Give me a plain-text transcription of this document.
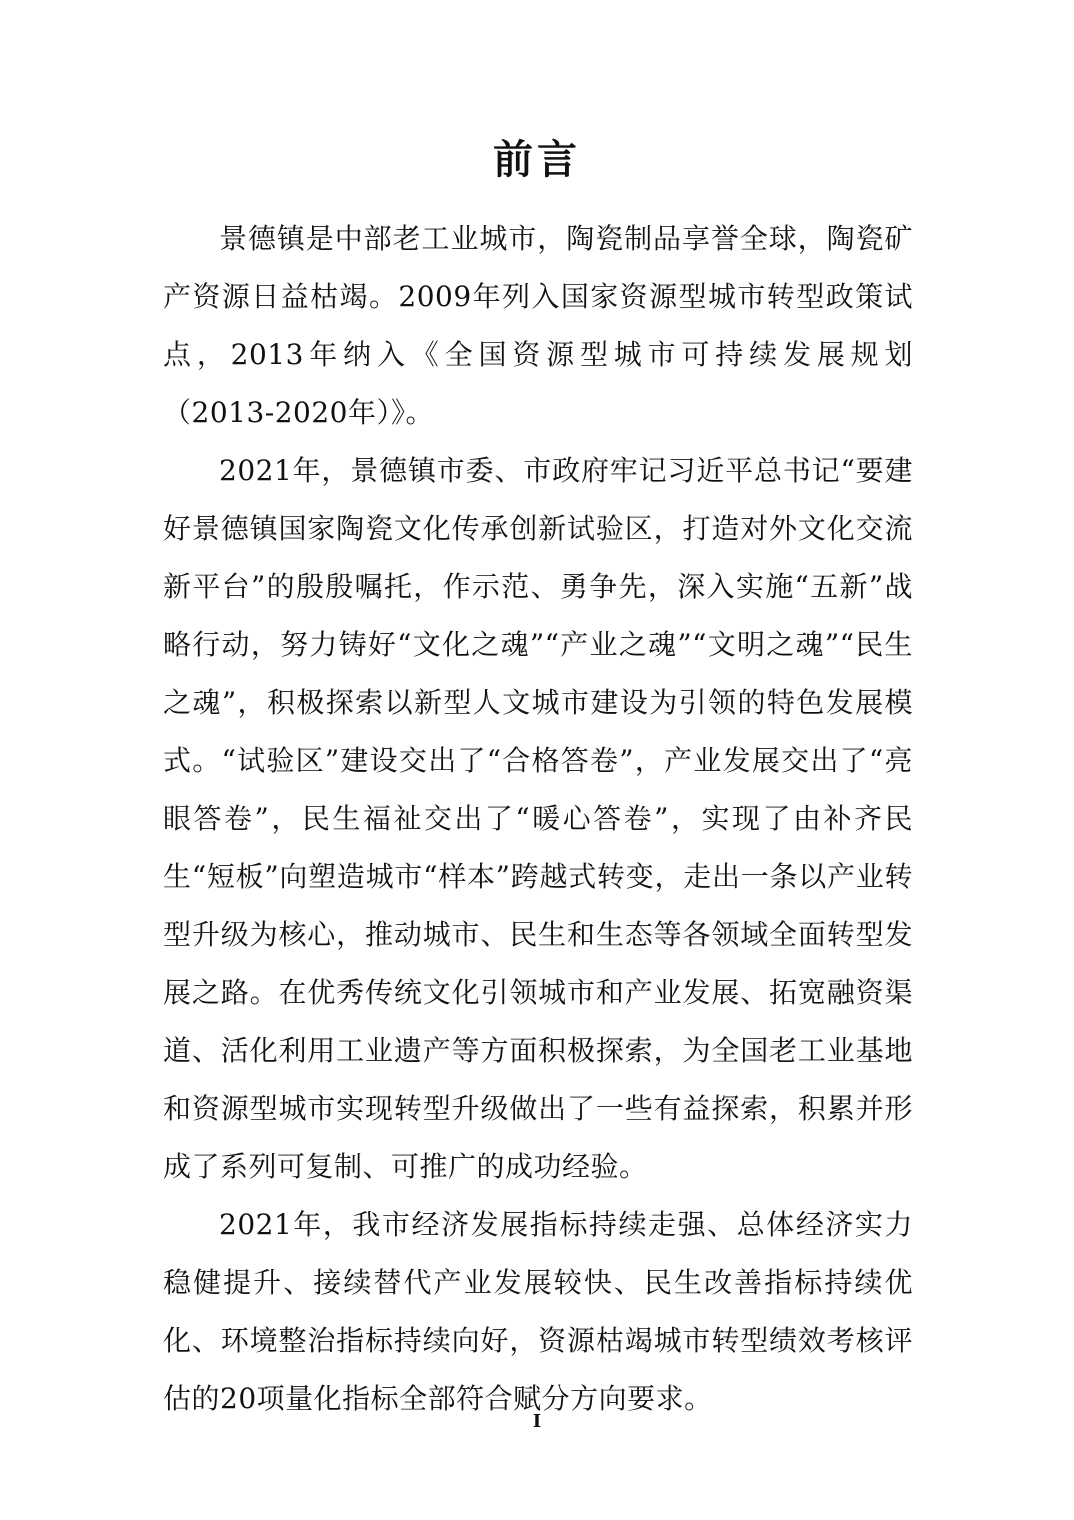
前言

景德镇是中部老工业城市，陶瓷制品享誉全球，陶瓷矿产资源日益枯竭。2009年列入国家资源型城市转型政策试点，2013年纳入《全国资源型城市可持续发展规划（2013-2020年）》。

2021年，景德镇市委、市政府牢记习近平总书记“要建好景德镇国家陶瓷文化传承创新试验区，打造对外文化交流新平台”的殷殷嘱托，作示范、勇争先，深入实施“五新”战略行动，努力铸好“文化之魂”“产业之魂”“文明之魂”“民生之魂”，积极探索以新型人文城市建设为引领的特色发展模式。“试验区”建设交出了“合格答卷”，产业发展交出了“亮眼答卷”，民生福祉交出了“暖心答卷”，实现了由补齐民生“短板”向塑造城市“样本”跨越式转变，走出一条以产业转型升级为核心，推动城市、民生和生态等各领域全面转型发展之路。在优秀传统文化引领城市和产业发展、拓宽融资渠道、活化利用工业遗产等方面积极探索，为全国老工业基地和资源型城市实现转型升级做出了一些有益探索，积累并形成了系列可复制、可推广的成功经验。

2021年，我市经济发展指标持续走强、总体经济实力稳健提升、接续替代产业发展较快、民生改善指标持续优化、环境整治指标持续向好，资源枯竭城市转型绩效考核评估的20项量化指标全部符合赋分方向要求。

I
